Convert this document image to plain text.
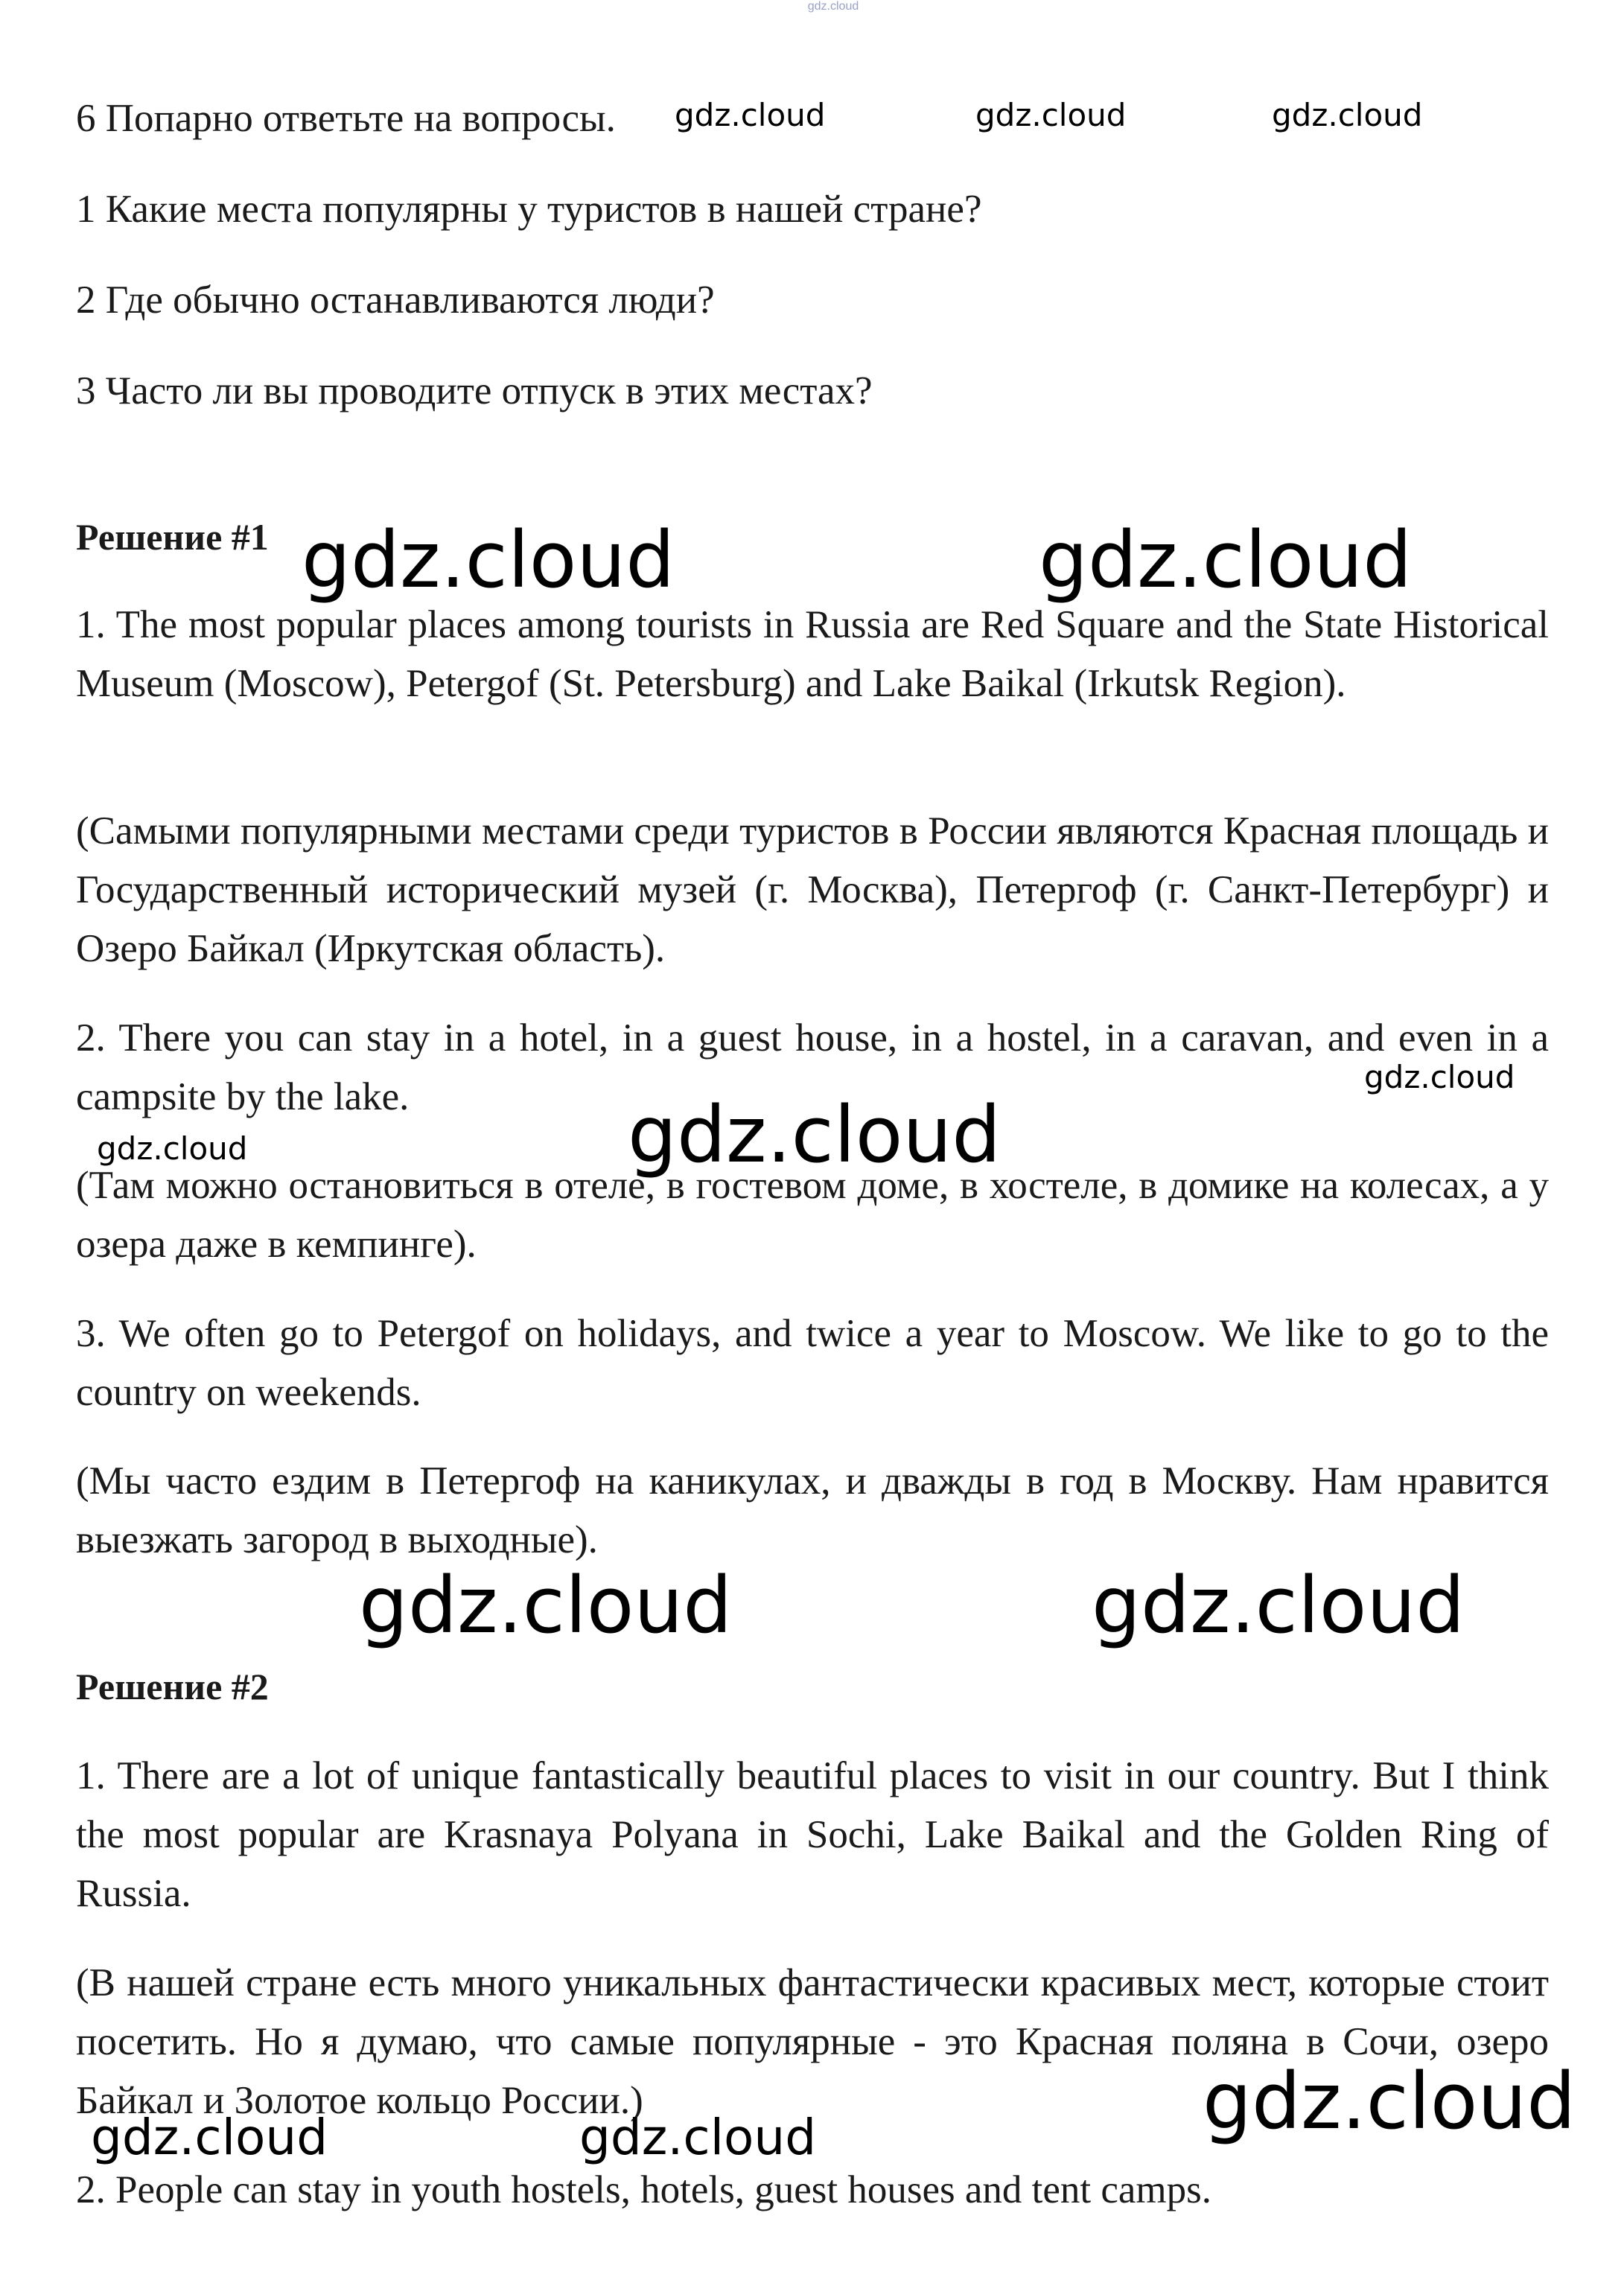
gdz.cloud
6 Попарно ответьте на вопросы.
1 Какие места популярны у туристов в нашей стране?
2 Где обычно останавливаются люди?
3 Часто ли вы проводите отпуск в этих местах?
Решение #1

1. The most popular places among tourists in Russia are Red Square and the State Historical Museum (Moscow), Petergof (St. Petersburg) and Lake Baikal (Irkutsk Region).

(Самыми популярными местами среди туристов в России являются Красная площадь и Государственный исторический музей (г. Москва), Петергоф (г. Санкт-Петербург) и Озеро Байкал (Иркутская область).

2. There you can stay in a hotel, in a guest house, in a hostel, in a caravan, and even in a campsite by the lake.

(Там можно остановиться в отеле, в гостевом доме, в хостеле, в домике на колесах, а у озера даже в кемпинге).

3. We often go to Petergof on holidays, and twice a year to Moscow. We like to go to the country on weekends.

(Мы часто ездим в Петергоф на каникулах, и дважды в год в Москву. Нам нравится выезжать загород в выходные).

Решение #2

1. There are a lot of unique fantastically beautiful places to visit in our country. But I think the most popular are Krasnaya Polyana in Sochi, Lake Baikal and the Golden Ring of Russia.

(В нашей стране есть много уникальных фантастически красивых мест, которые стоит посетить. Но я думаю, что самые популярные - это Красная поляна в Сочи, озеро Байкал и Золотое кольцо России.)

2. People can stay in youth hostels, hotels, guest houses and tent camps.

gdz.cloud	gdz.cloud	gdz.cloud
gdz.cloud	gdz.cloud
gdz.cloud
gdz.cloud	gdz.cloud
gdz.cloud	gdz.cloud
gdz.cloud
gdz.cloud	gdz.cloud
